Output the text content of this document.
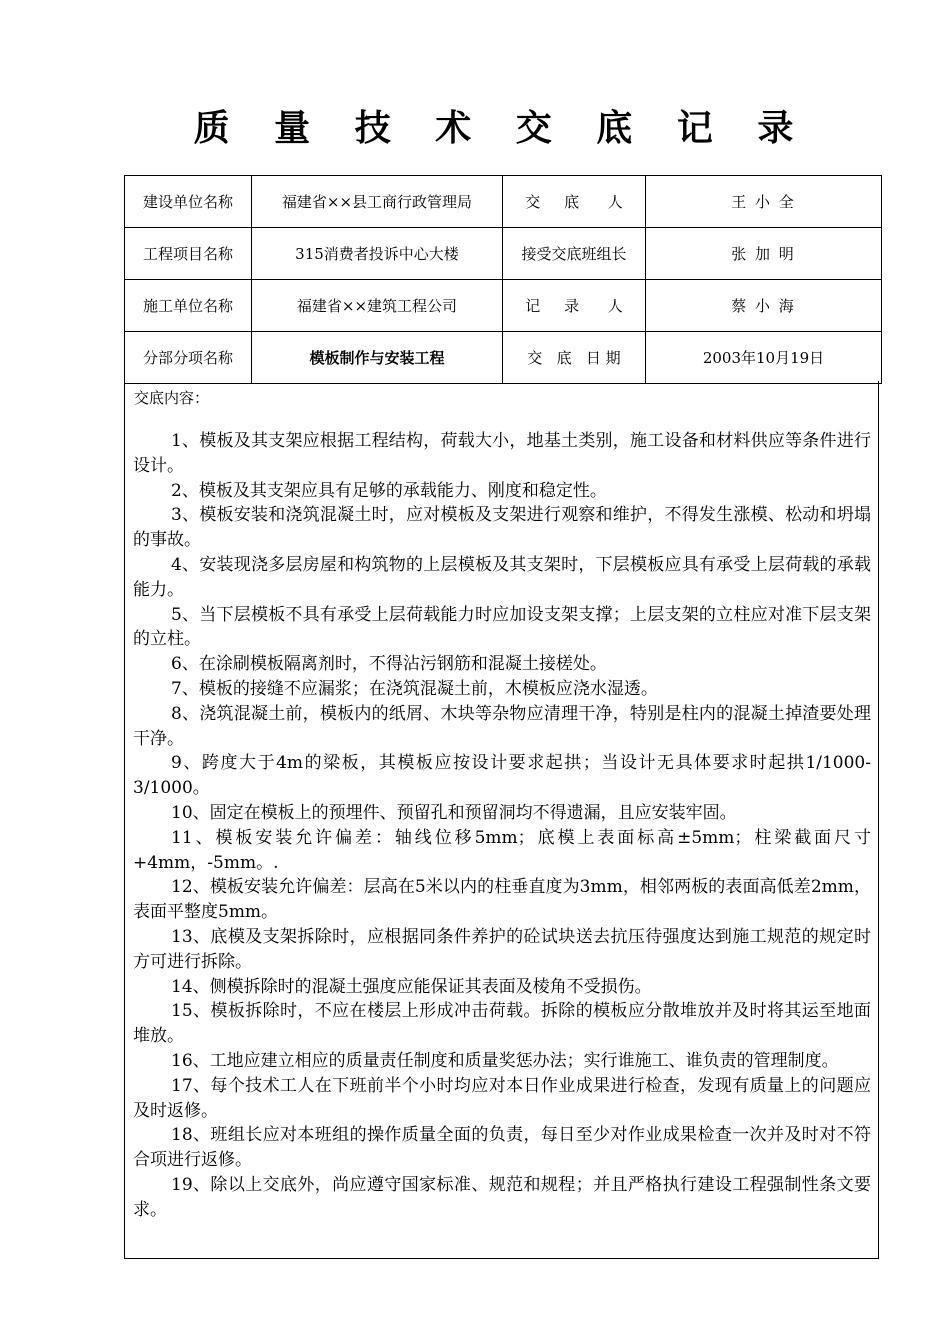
质 量 技 术 交 底 记 录
建设单位名称	福建省××县工商行政管理局	交     底      人	王 小 全
工程项目名称	315消费者投诉中心大楼	接受交底班组长	张 加 明
施工单位名称	福建省××建筑工程公司	记     录      人	蔡 小 海
分部分项名称	模板制作与安装工程	交   底   日 期	2003年10月19日
交底内容：

1、模板及其支架应根据工程结构，荷载大小，地基土类别，施工设备和材料供应等条件进行设计。

2、模板及其支架应具有足够的承载能力、刚度和稳定性。

3、模板安装和浇筑混凝土时，应对模板及支架进行观察和维护，不得发生涨模、松动和坍塌的事故。

4、安装现浇多层房屋和构筑物的上层模板及其支架时，下层模板应具有承受上层荷载的承载能力。

5、当下层模板不具有承受上层荷载能力时应加设支架支撑；上层支架的立柱应对准下层支架的立柱。

6、在涂刷模板隔离剂时，不得沾污钢筋和混凝土接槎处。

7、模板的接缝不应漏浆；在浇筑混凝土前，木模板应浇水湿透。

8、浇筑混凝土前，模板内的纸屑、木块等杂物应清理干净，特别是柱内的混凝土掉渣要处理干净。

9、跨度大于4m的梁板，其模板应按设计要求起拱；当设计无具体要求时起拱1/1000-3/1000。

10、固定在模板上的预埋件、预留孔和预留洞均不得遗漏，且应安装牢固。

11、模板安装允许偏差：轴线位移5mm；底模上表面标高±5mm；柱梁截面尺寸+4mm，-5mm。.

12、模板安装允许偏差：层高在5米以内的柱垂直度为3mm，相邻两板的表面高低差2mm，表面平整度5mm。

13、底模及支架拆除时，应根据同条件养护的砼试块送去抗压待强度达到施工规范的规定时方可进行拆除。

14、侧模拆除时的混凝土强度应能保证其表面及棱角不受损伤。

15、模板拆除时，不应在楼层上形成冲击荷载。拆除的模板应分散堆放并及时将其运至地面堆放。

16、工地应建立相应的质量责任制度和质量奖惩办法；实行谁施工、谁负责的管理制度。

17、每个技术工人在下班前半个小时均应对本日作业成果进行检查，发现有质量上的问题应及时返修。

18、班组长应对本班组的操作质量全面的负责，每日至少对作业成果检查一次并及时对不符合项进行返修。

19、除以上交底外，尚应遵守国家标准、规范和规程；并且严格执行建设工程强制性条文要求。
